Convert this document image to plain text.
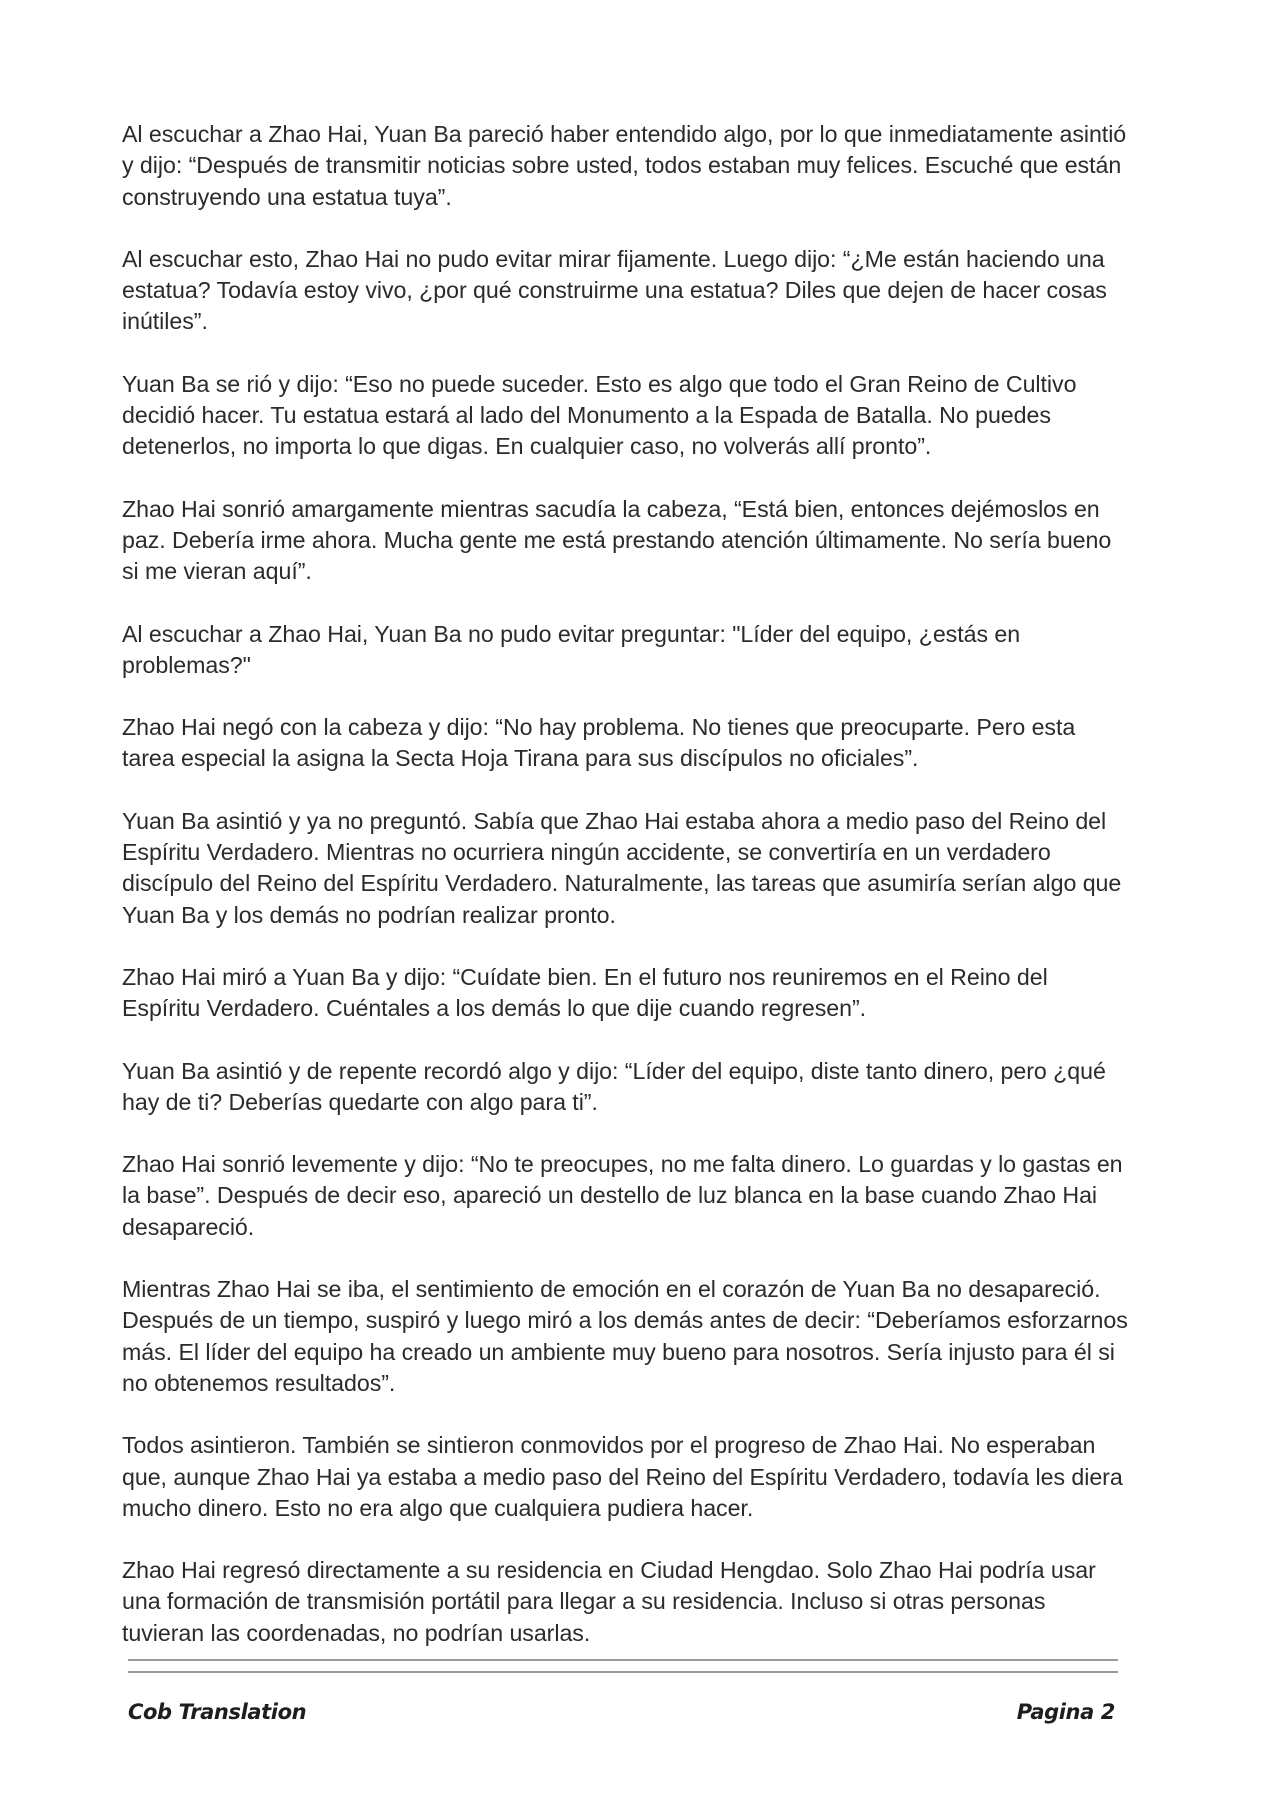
Al escuchar a Zhao Hai, Yuan Ba pareció haber entendido algo, por lo que inmediatamente asintió y dijo: “Después de transmitir noticias sobre usted, todos estaban muy felices. Escuché que están construyendo una estatua tuya”.

Al escuchar esto, Zhao Hai no pudo evitar mirar fijamente. Luego dijo: “¿Me están haciendo una estatua? Todavía estoy vivo, ¿por qué construirme una estatua? Diles que dejen de hacer cosas inútiles”.

Yuan Ba se rió y dijo: “Eso no puede suceder. Esto es algo que todo el Gran Reino de Cultivo decidió hacer. Tu estatua estará al lado del Monumento a la Espada de Batalla. No puedes detenerlos, no importa lo que digas. En cualquier caso, no volverás allí pronto”.

Zhao Hai sonrió amargamente mientras sacudía la cabeza, “Está bien, entonces dejémoslos en paz. Debería irme ahora. Mucha gente me está prestando atención últimamente. No sería bueno si me vieran aquí”.

Al escuchar a Zhao Hai, Yuan Ba no pudo evitar preguntar: "Líder del equipo, ¿estás en problemas?"

Zhao Hai negó con la cabeza y dijo: “No hay problema. No tienes que preocuparte. Pero esta tarea especial la asigna la Secta Hoja Tirana para sus discípulos no oficiales”.

Yuan Ba asintió y ya no preguntó. Sabía que Zhao Hai estaba ahora a medio paso del Reino del Espíritu Verdadero. Mientras no ocurriera ningún accidente, se convertiría en un verdadero discípulo del Reino del Espíritu Verdadero. Naturalmente, las tareas que asumiría serían algo que Yuan Ba y los demás no podrían realizar pronto.

Zhao Hai miró a Yuan Ba y dijo: “Cuídate bien. En el futuro nos reuniremos en el Reino del Espíritu Verdadero. Cuéntales a los demás lo que dije cuando regresen”.

Yuan Ba asintió y de repente recordó algo y dijo: “Líder del equipo, diste tanto dinero, pero ¿qué hay de ti? Deberías quedarte con algo para ti”.

Zhao Hai sonrió levemente y dijo: “No te preocupes, no me falta dinero. Lo guardas y lo gastas en la base”. Después de decir eso, apareció un destello de luz blanca en la base cuando Zhao Hai desapareció.

Mientras Zhao Hai se iba, el sentimiento de emoción en el corazón de Yuan Ba no desapareció. Después de un tiempo, suspiró y luego miró a los demás antes de decir: “Deberíamos esforzarnos más. El líder del equipo ha creado un ambiente muy bueno para nosotros. Sería injusto para él si no obtenemos resultados”.

Todos asintieron. También se sintieron conmovidos por el progreso de Zhao Hai. No esperaban que, aunque Zhao Hai ya estaba a medio paso del Reino del Espíritu Verdadero, todavía les diera mucho dinero. Esto no era algo que cualquiera pudiera hacer.

Zhao Hai regresó directamente a su residencia en Ciudad Hengdao. Solo Zhao Hai podría usar una formación de transmisión portátil para llegar a su residencia. Incluso si otras personas tuvieran las coordenadas, no podrían usarlas.

Cob Translation	Pagina 2
